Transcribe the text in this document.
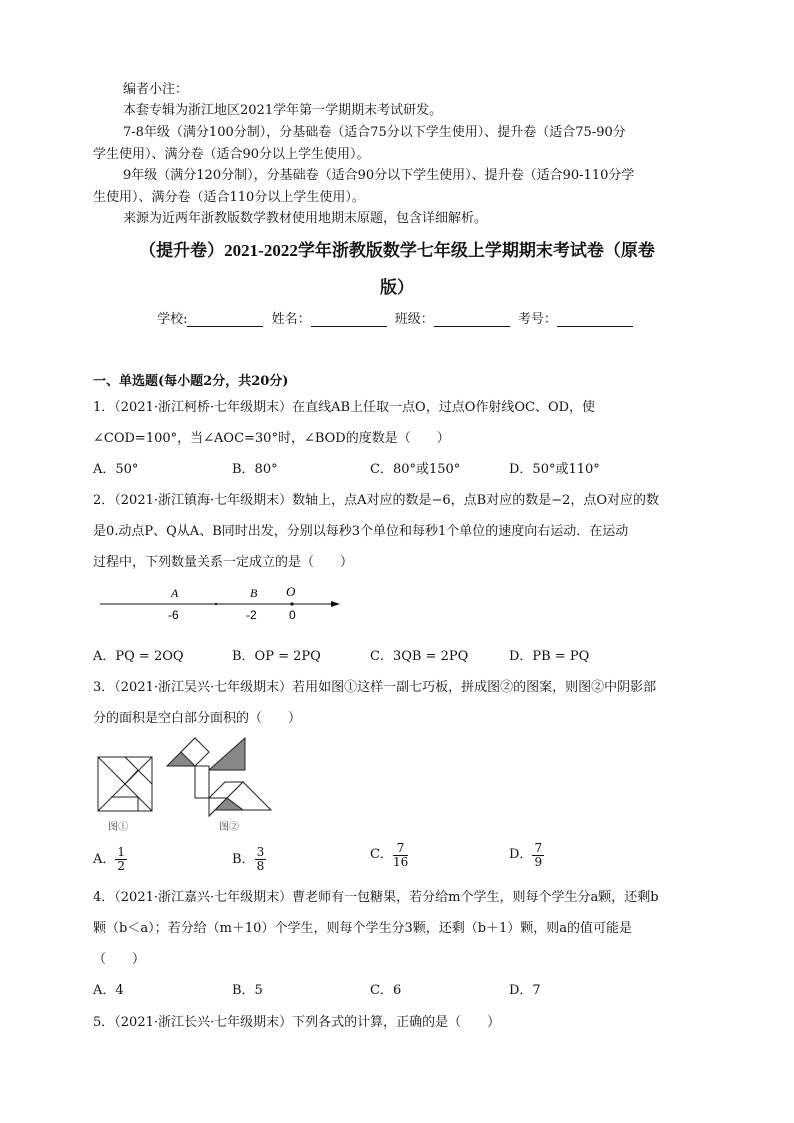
编者小注：
本套专辑为浙江地区2021学年第一学期期末考试研发。
7-8年级（满分100分制），分基础卷（适合75分以下学生使用）、提升卷（适合75-90分
学生使用）、满分卷（适合90分以上学生使用）。
9年级（满分120分制），分基础卷（适合90分以下学生使用）、提升卷（适合90-110分学
生使用）、满分卷（适合110分以上学生使用）。
来源为近两年浙教版数学教材使用地期末原题，包含详细解析。
（提升卷）2021-2022学年浙教版数学七年级上学期期末考试卷（原卷
版）
学校:	姓名：	班级：	考号：
一、单选题(每小题2分，共20分)
1．（2021·浙江柯桥·七年级期末）在直线AB上任取一点O，过点O作射线OC、OD，使
∠COD=100°，当∠AOC=30°时，∠BOD的度数是（　　）
A．50°	B．80°	C．80°或150°	D．50°或110°
2．（2021·浙江镇海·七年级期末）数轴上，点A对应的数是−6，点B对应的数是−2，点O对应的数
是0.动点P、Q从A、B同时出发，分别以每秒3个单位和每秒1个单位的速度向右运动．在运动
过程中，下列数量关系一定成立的是（　　）
A	B O
-6	-2	0
A．PQ = 2OQ	B．OP = 2PQ	C．3QB = 2PQ	D．PB = PQ
3．（2021·浙江吴兴·七年级期末）若用如图①这样一副七巧板，拼成图②的图案，则图②中阴影部
分的面积是空白部分面积的（　　）
图①	图②
A． $\frac{1}{2}$	B． $\frac{3}{8}$	C． $\frac{7}{16}$	D． $\frac{7}{9}$
4．（2021·浙江嘉兴·七年级期末）曹老师有一包糖果，若分给m个学生，则每个学生分a颗，还剩b
颗（b＜a）；若分给（m＋10）个学生，则每个学生分3颗，还剩（b＋1）颗，则a的值可能是
（　　）
A．4	B．5	C．6	D．7
5．（2021·浙江长兴·七年级期末）下列各式的计算，正确的是（　　）
